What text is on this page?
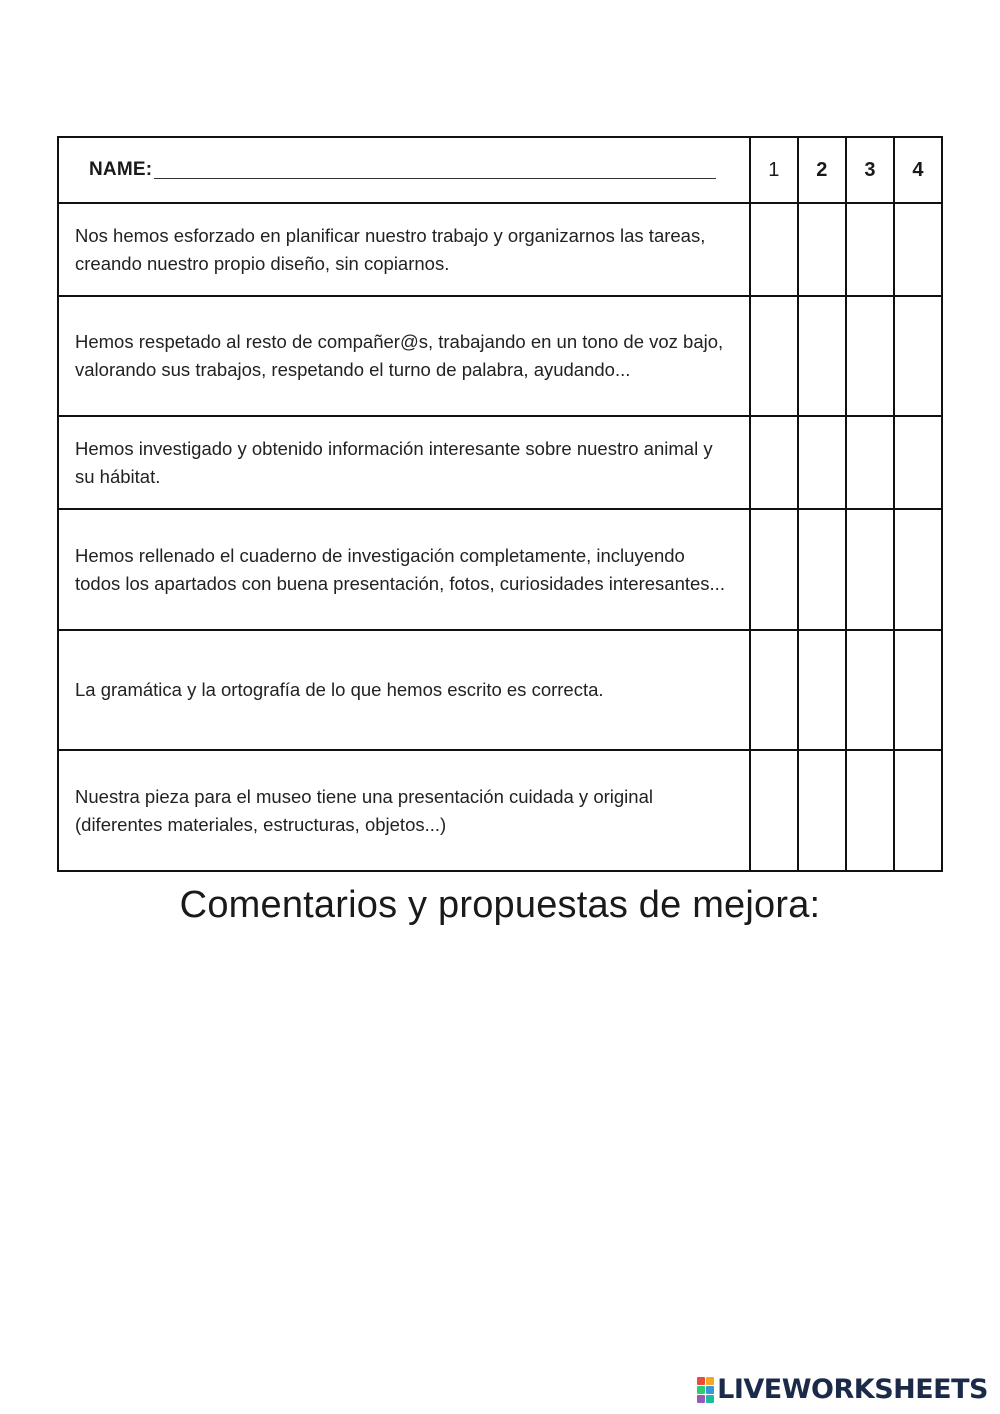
NAME:	1	2	3	4
Nos hemos esforzado en planificar nuestro trabajo y organizarnos las tareas, creando nuestro propio diseño, sin copiarnos.				
Hemos respetado al resto de compañer@s, trabajando en un tono de voz bajo, valorando sus trabajos, respetando el turno de palabra, ayudando...				
Hemos investigado y obtenido información interesante sobre nuestro animal y su hábitat.				
Hemos rellenado el cuaderno de investigación completamente, incluyendo todos los apartados con buena presentación, fotos, curiosidades interesantes...				
La gramática y la ortografía de lo que hemos escrito es correcta.				
Nuestra pieza para el museo tiene una presentación cuidada y original (diferentes materiales, estructuras, objetos...)				
Comentarios y propuestas de mejora:
LIVEWORKSHEETS
